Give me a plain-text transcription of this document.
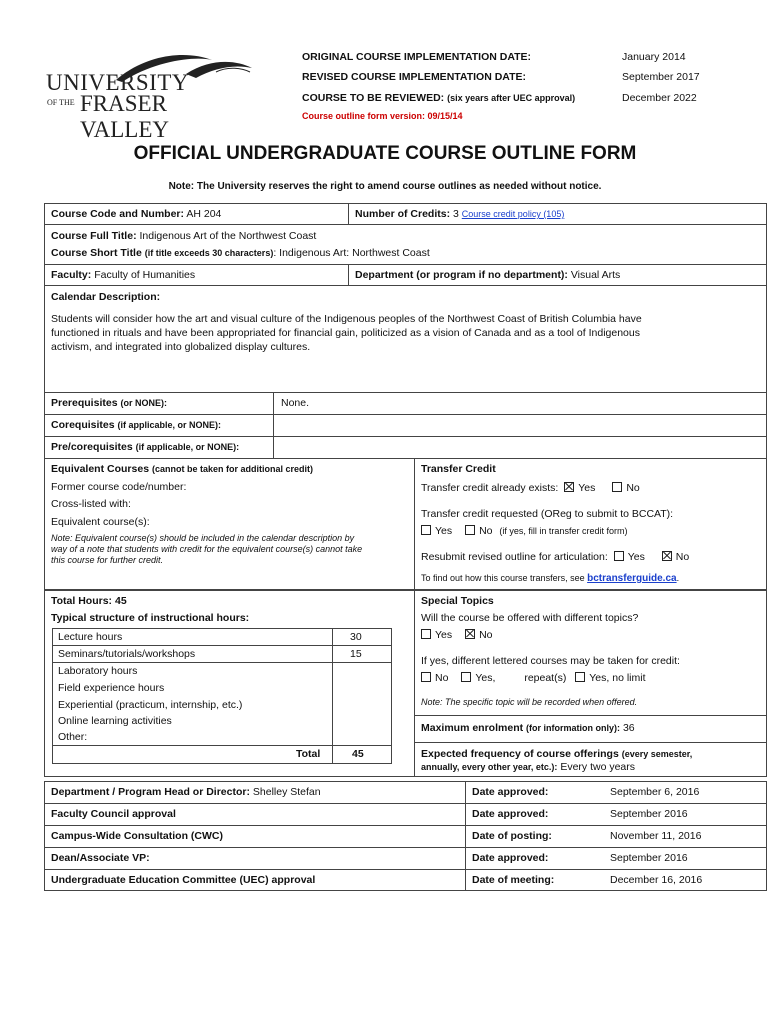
UNIVERSITY
OF THE FRASER VALLEY
ORIGINAL COURSE IMPLEMENTATION DATE:	January 2014
REVISED COURSE IMPLEMENTATION DATE:	September 2017
COURSE TO BE REVIEWED: (six years after UEC approval)	December 2022
Course outline form version: 09/15/14
OFFICIAL UNDERGRADUATE COURSE OUTLINE FORM
Note: The University reserves the right to amend course outlines as needed without notice.
Course Code and Number: AH 204	Number of Credits: 3 Course credit policy (105)
Course Full Title: Indigenous Art of the Northwest Coast
Course Short Title (if title exceeds 30 characters): Indigenous Art: Northwest Coast
Faculty: Faculty of Humanities	Department (or program if no department): Visual Arts
Calendar Description:
Students will consider how the art and visual culture of the Indigenous peoples of the Northwest Coast of British Columbia have
functioned in rituals and have been appropriated for financial gain, politicized as a vision of Canada and as a tool of Indigenous
activism, and integrated into globalized display cultures.
Prerequisites (or NONE):	None.
Corequisites (if applicable, or NONE):
Pre/corequisites (if applicable, or NONE):
Equivalent Courses (cannot be taken for additional credit)
Former course code/number:
Cross-listed with:
Equivalent course(s):
Note: Equivalent course(s) should be included in the calendar description by
way of a note that students with credit for the equivalent course(s) cannot take
this course for further credit.
Transfer Credit
Transfer credit already exists: Yes	No
Transfer credit requested (OReg to submit to BCCAT):
Yes	No (if yes, fill in transfer credit form)
Resubmit revised outline for articulation: Yes	No
To find out how this course transfers, see bctransferguide.ca.
Total Hours: 45
Typical structure of instructional hours:
Lecture hours	30
Seminars/tutorials/workshops	15
Laboratory hours
Field experience hours
Experiential (practicum, internship, etc.)
Online learning activities
Other:
Total	45
Special Topics
Will the course be offered with different topics?
Yes	No
If yes, different lettered courses may be taken for credit:
No	Yes,	repeat(s) Yes, no limit
Note: The specific topic will be recorded when offered.
Maximum enrolment (for information only): 36
Expected frequency of course offerings (every semester,
annually, every other year, etc.): Every two years
Department / Program Head or Director: Shelley Stefan	Date approved:	September 6, 2016
Faculty Council approval	Date approved:	September 2016
Campus-Wide Consultation (CWC)	Date of posting:	November 11, 2016
Dean/Associate VP:	Date approved:	September 2016
Undergraduate Education Committee (UEC) approval	Date of meeting:	December 16, 2016
